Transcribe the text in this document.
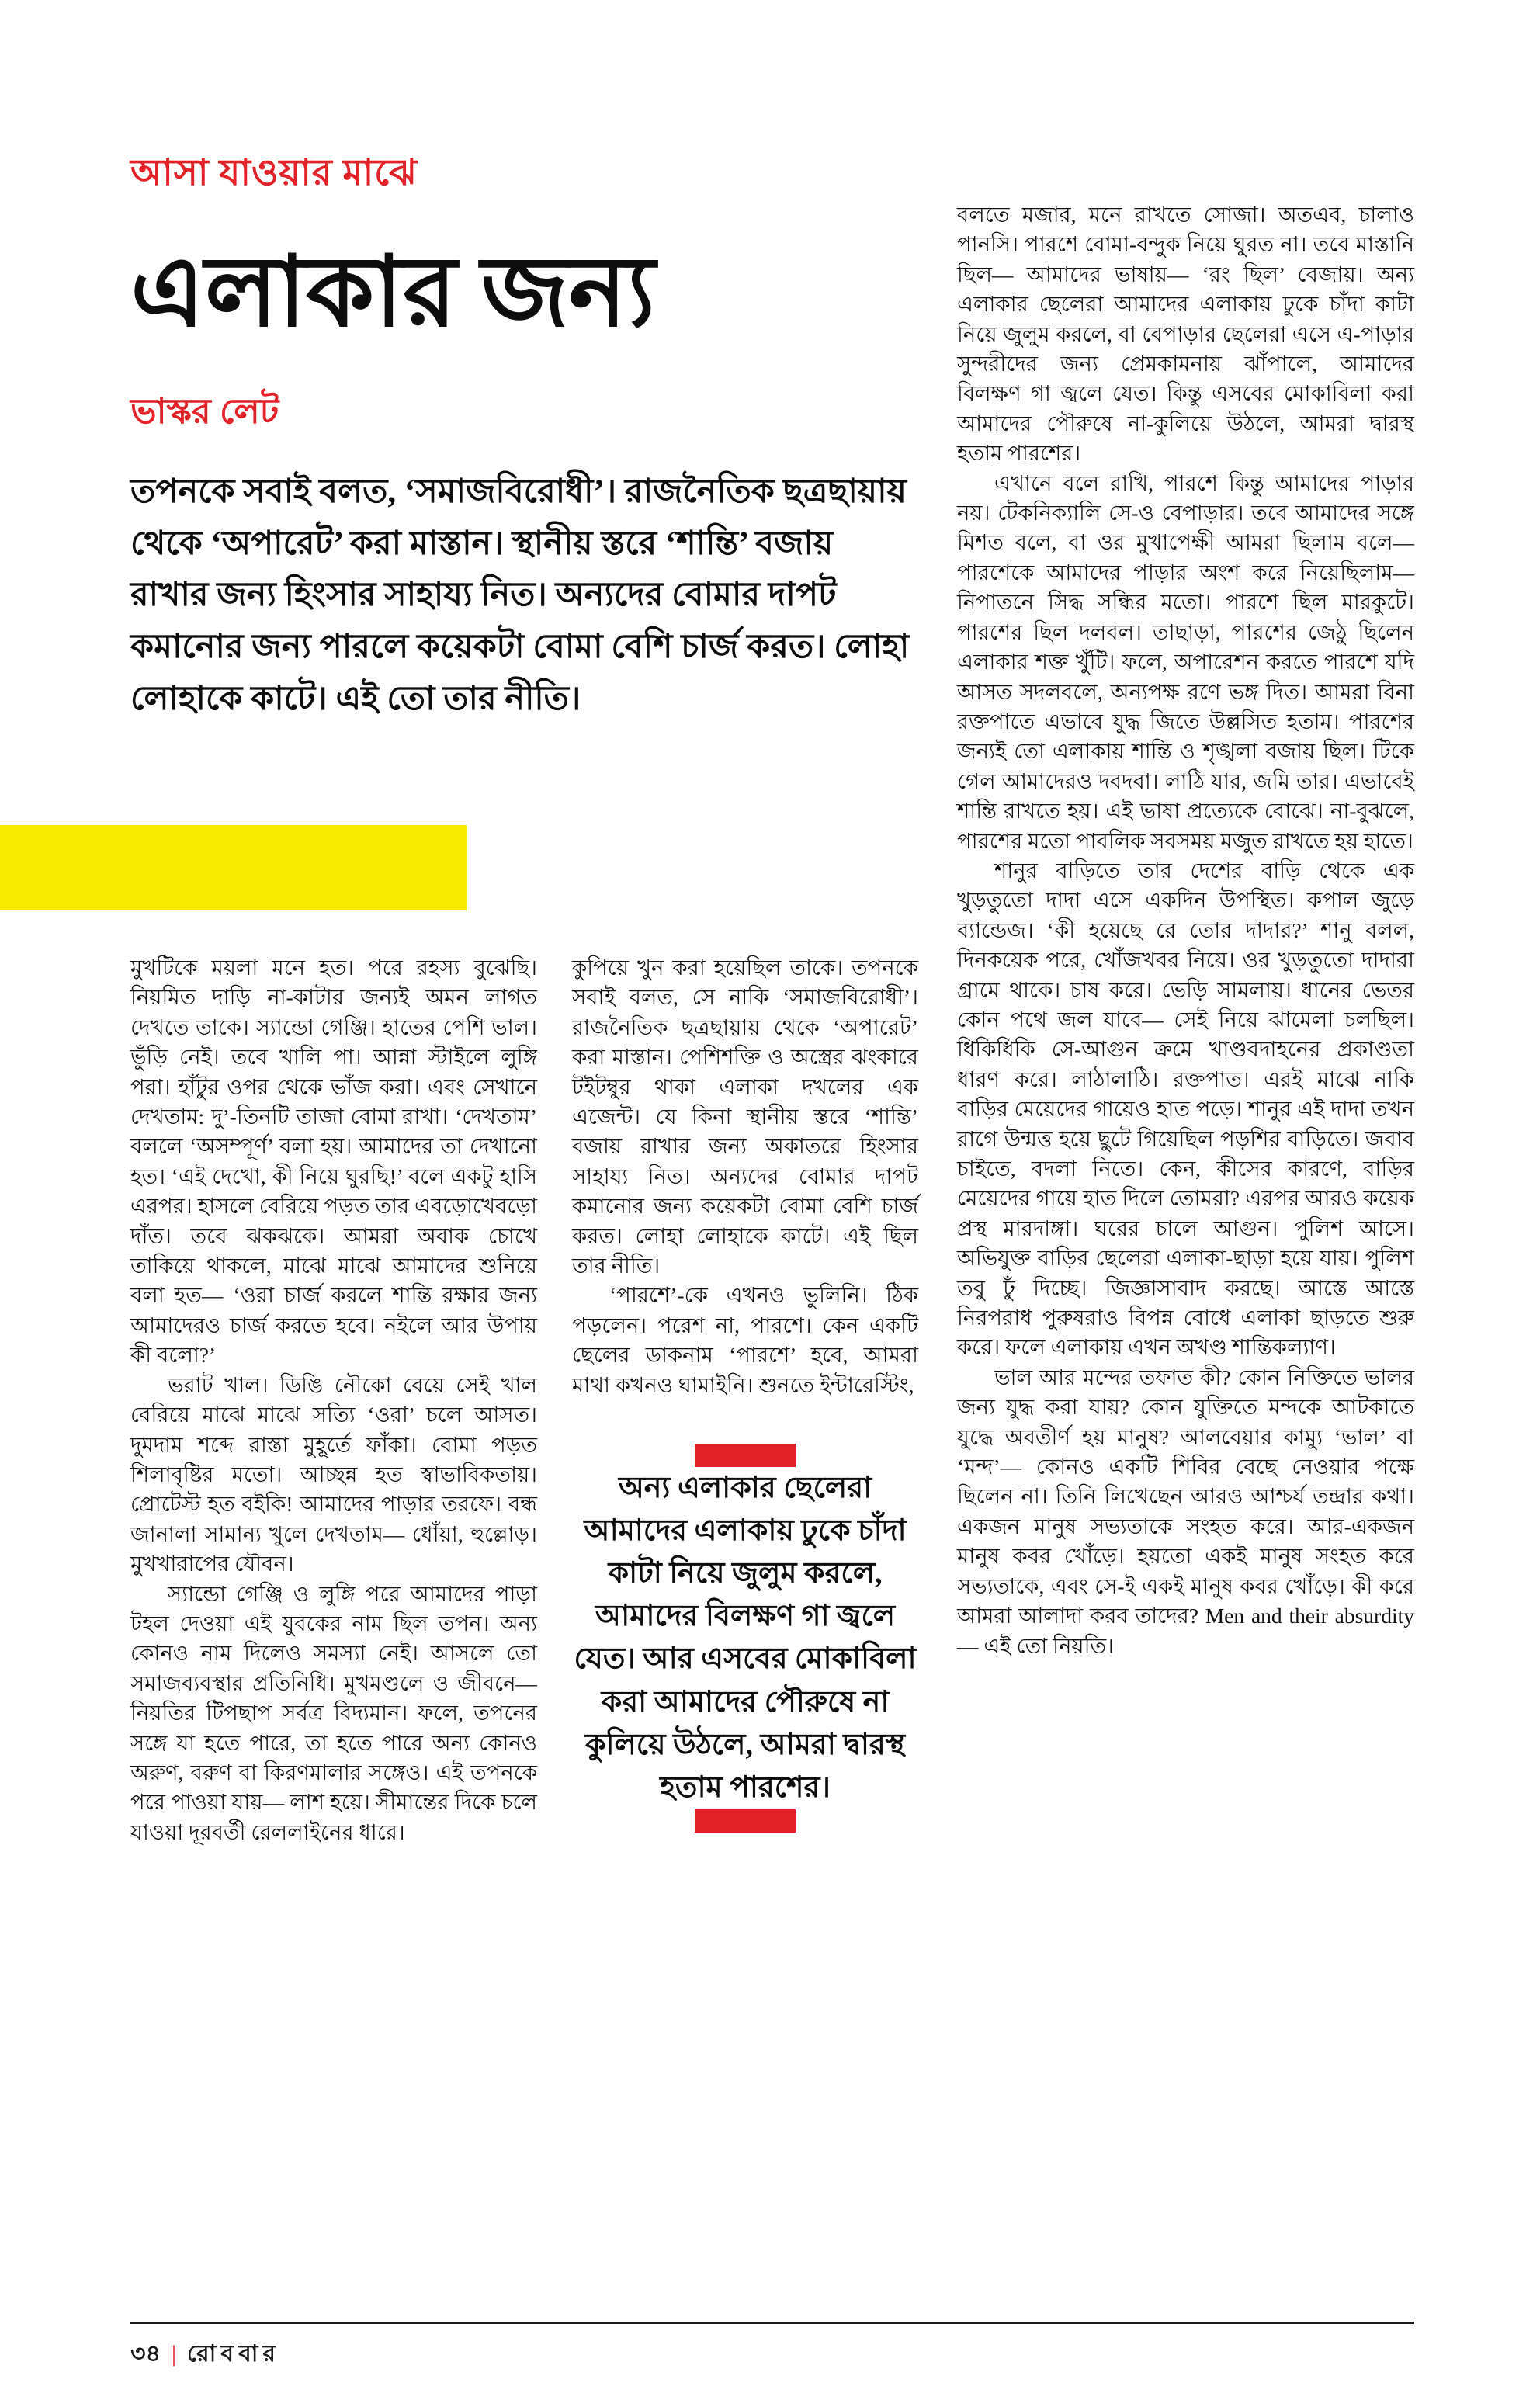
আসা যাওয়ার মাঝে
এলাকার জন্য
ভাস্কর লেট
তপনকে সবাই বলত, ‘সমাজবিরোধী’। রাজনৈতিক ছত্রছায়ায় থেকে ‘অপারেট’ করা মাস্তান। স্থানীয় স্তরে ‘শান্তি’ বজায় রাখার জন্য হিংসার সাহায্য নিত। অন্যদের বোমার দাপট কমানোর জন্য পারলে কয়েকটা বোমা বেশি চার্জ করত। লোহা লোহাকে কাটে। এই তো তার নীতি।

মুখটিকে ময়লা মনে হত। পরে রহস্য বুঝেছি। নিয়মিত দাড়ি না-কাটার জন্যই অমন লাগত দেখতে তাকে। স্যান্ডো গেঞ্জি। হাতের পেশি ভাল। ভুঁড়ি নেই। তবে খালি পা। আন্না স্টাইলে লুঙ্গি পরা। হাঁটুর ওপর থেকে ভাঁজ করা। এবং সেখানে দেখতাম: দু’-তিনটি তাজা বোমা রাখা। ‘দেখতাম’ বললে ‘অসম্পূর্ণ’ বলা হয়। আমাদের তা দেখানো হত। ‘এই দেখো, কী নিয়ে ঘুরছি!’ বলে একটু হাসি এরপর। হাসলে বেরিয়ে পড়ত তার এবড়োখেবড়ো দাঁত। তবে ঝকঝকে। আমরা অবাক চোখে তাকিয়ে থাকলে, মাঝে মাঝে আমাদের শুনিয়ে বলা হত— ‘ওরা চার্জ করলে শান্তি রক্ষার জন্য আমাদেরও চার্জ করতে হবে। নইলে আর উপায় কী বলো?’

ভরাট খাল। ডিঙি নৌকো বেয়ে সেই খাল বেরিয়ে মাঝে মাঝে সত্যি ‘ওরা’ চলে আসত। দুমদাম শব্দে রাস্তা মুহূর্তে ফাঁকা। বোমা পড়ত শিলাবৃষ্টির মতো। আচ্ছন্ন হত স্বাভাবিকতায়। প্রোটেস্ট হত বইকি! আমাদের পাড়ার তরফে। বন্ধ জানালা সামান্য খুলে দেখতাম— ধোঁয়া, হুল্লোড়। মুখখারাপের যৌবন।

স্যান্ডো গেঞ্জি ও লুঙ্গি পরে আমাদের পাড়া টহল দেওয়া এই যুবকের নাম ছিল তপন। অন্য কোনও নাম দিলেও সমস্যা নেই। আসলে তো সমাজব্যবস্থার প্রতিনিধি। মুখমণ্ডলে ও জীবনে— নিয়তির টিপছাপ সর্বত্র বিদ্যমান। ফলে, তপনের সঙ্গে যা হতে পারে, তা হতে পারে অন্য কোনও অরুণ, বরুণ বা কিরণমালার সঙ্গেও। এই তপনকে পরে পাওয়া যায়— লাশ হয়ে। সীমান্তের দিকে চলে যাওয়া দূরবর্তী রেললাইনের ধারে।

কুপিয়ে খুন করা হয়েছিল তাকে। তপনকে সবাই বলত, সে নাকি ‘সমাজবিরোধী’। রাজনৈতিক ছত্রছায়ায় থেকে ‘অপারেট’ করা মাস্তান। পেশিশক্তি ও অস্ত্রের ঝংকারে টইটম্বুর থাকা এলাকা দখলের এক এজেন্ট। যে কিনা স্থানীয় স্তরে ‘শান্তি’ বজায় রাখার জন্য অকাতরে হিংসার সাহায্য নিত। অন্যদের বোমার দাপট কমানোর জন্য কয়েকটা বোমা বেশি চার্জ করত। লোহা লোহাকে কাটে। এই ছিল তার নীতি।

‘পারশে’-কে এখনও ভুলিনি। ঠিক পড়লেন। পরেশ না, পারশে। কেন একটি ছেলের ডাকনাম ‘পারশে’ হবে, আমরা মাথা কখনও ঘামাইনি। শুনতে ইন্টারেস্টিং,

অন্য এলাকার ছেলেরা আমাদের এলাকায় ঢুকে চাঁদা কাটা নিয়ে জুলুম করলে, আমাদের বিলক্ষণ গা জ্বলে যেত। আর এসবের মোকাবিলা করা আমাদের পৌরুষে না কুলিয়ে উঠলে, আমরা দ্বারস্থ হতাম পারশের।

বলতে মজার, মনে রাখতে সোজা। অতএব, চালাও পানসি। পারশে বোমা-বন্দুক নিয়ে ঘুরত না। তবে মাস্তানি ছিল— আমাদের ভাষায়— ‘রং ছিল’ বেজায়। অন্য এলাকার ছেলেরা আমাদের এলাকায় ঢুকে চাঁদা কাটা নিয়ে জুলুম করলে, বা বেপাড়ার ছেলেরা এসে এ-পাড়ার সুন্দরীদের জন্য প্রেমকামনায় ঝাঁপালে, আমাদের বিলক্ষণ গা জ্বলে যেত। কিন্তু এসবের মোকাবিলা করা আমাদের পৌরুষে না-কুলিয়ে উঠলে, আমরা দ্বারস্থ হতাম পারশের।

এখানে বলে রাখি, পারশে কিন্তু আমাদের পাড়ার নয়। টেকনিক্যালি সে-ও বেপাড়ার। তবে আমাদের সঙ্গে মিশত বলে, বা ওর মুখাপেক্ষী আমরা ছিলাম বলে— পারশেকে আমাদের পাড়ার অংশ করে নিয়েছিলাম— নিপাতনে সিদ্ধ সন্ধির মতো। পারশে ছিল মারকুটে। পারশের ছিল দলবল। তাছাড়া, পারশের জেঠু ছিলেন এলাকার শক্ত খুঁটি। ফলে, অপারেশন করতে পারশে যদি আসত সদলবলে, অন্যপক্ষ রণে ভঙ্গ দিত। আমরা বিনা রক্তপাতে এভাবে যুদ্ধ জিতে উল্লসিত হতাম। পারশের জন্যই তো এলাকায় শান্তি ও শৃঙ্খলা বজায় ছিল। টিকে গেল আমাদেরও দবদবা। লাঠি যার, জমি তার। এভাবেই শান্তি রাখতে হয়। এই ভাষা প্রত্যেকে বোঝে। না-বুঝলে, পারশের মতো পাবলিক সবসময় মজুত রাখতে হয় হাতে।

শানুর বাড়িতে তার দেশের বাড়ি থেকে এক খুড়তুতো দাদা এসে একদিন উপস্থিত। কপাল জুড়ে ব্যান্ডেজ। ‘কী হয়েছে রে তোর দাদার?’ শানু বলল, দিনকয়েক পরে, খোঁজখবর নিয়ে। ওর খুড়তুতো দাদারা গ্রামে থাকে। চাষ করে। ভেড়ি সামলায়। ধানের ভেতর কোন পথে জল যাবে— সেই নিয়ে ঝামেলা চলছিল। ধিকিধিকি সে-আগুন ক্রমে খাণ্ডবদাহনের প্রকাণ্ডতা ধারণ করে। লাঠালাঠি। রক্তপাত। এরই মাঝে নাকি বাড়ির মেয়েদের গায়েও হাত পড়ে। শানুর এই দাদা তখন রাগে উন্মত্ত হয়ে ছুটে গিয়েছিল পড়শির বাড়িতে। জবাব চাইতে, বদলা নিতে। কেন, কীসের কারণে, বাড়ির মেয়েদের গায়ে হাত দিলে তোমরা? এরপর আরও কয়েক প্রস্থ মারদাঙ্গা। ঘরের চালে আগুন। পুলিশ আসে। অভিযুক্ত বাড়ির ছেলেরা এলাকা-ছাড়া হয়ে যায়। পুলিশ তবু ঢুঁ দিচ্ছে। জিজ্ঞাসাবাদ করছে। আস্তে আস্তে নিরপরাধ পুরুষরাও বিপন্ন বোধে এলাকা ছাড়তে শুরু করে। ফলে এলাকায় এখন অখণ্ড শান্তিকল্যাণ।

ভাল আর মন্দের তফাত কী? কোন নিক্তিতে ভালর জন্য যুদ্ধ করা যায়? কোন যুক্তিতে মন্দকে আটকাতে যুদ্ধে অবতীর্ণ হয় মানুষ? আলবেয়ার কাম্যু ‘ভাল’ বা ‘মন্দ’— কোনও একটি শিবির বেছে নেওয়ার পক্ষে ছিলেন না। তিনি লিখেছেন আরও আশ্চর্য তন্দ্রার কথা। একজন মানুষ সভ্যতাকে সংহত করে। আর-একজন মানুষ কবর খোঁড়ে। হয়তো একই মানুষ সংহত করে সভ্যতাকে, এবং সে-ই একই মানুষ কবর খোঁড়ে। কী করে আমরা আলাদা করব তাদের? Men and their absurdity— এই তো নিয়তি।

৩৪ | রোববার
